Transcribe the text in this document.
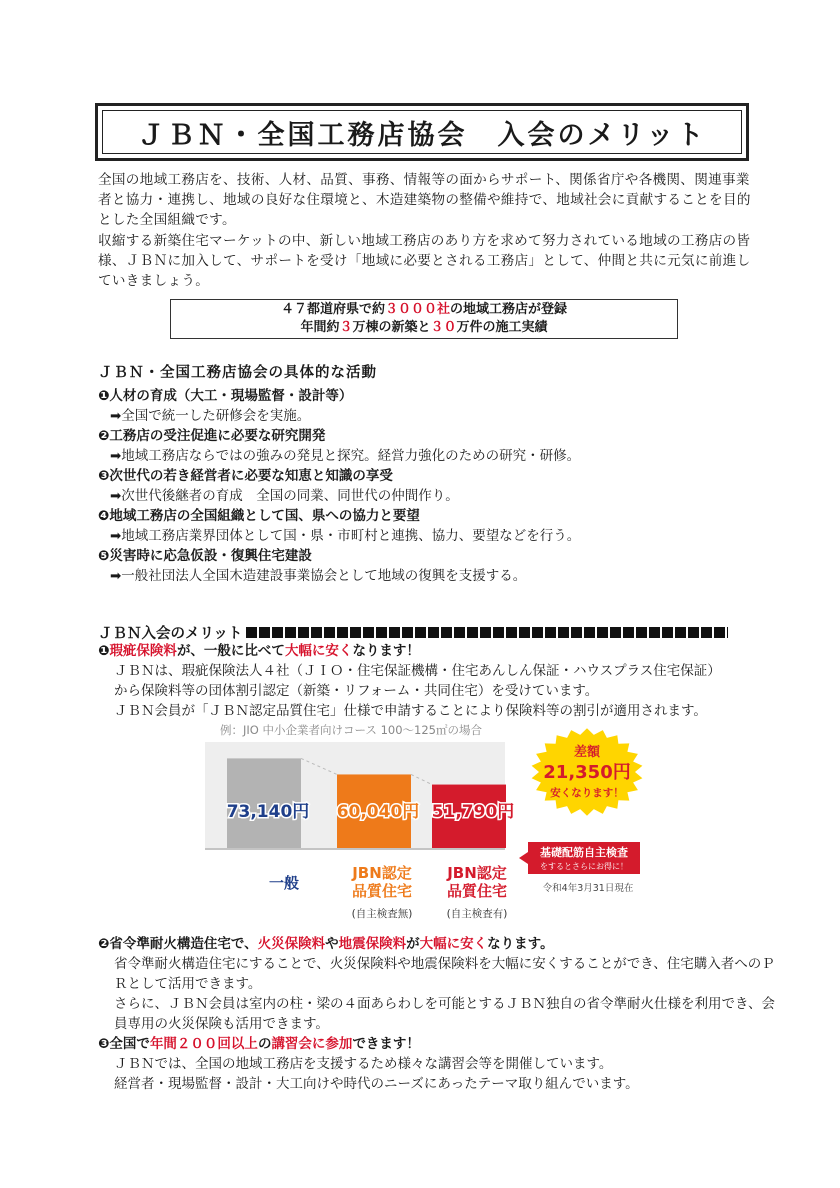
ＪＢＮ・全国工務店協会　入会のメリット

全国の地域工務店を、技術、人材、品質、事務、情報等の面からサポート、関係省庁や各機関、関連事業者と協力・連携し、地域の良好な住環境と、木造建築物の整備や維持で、地域社会に貢献することを目的とした全国組織です。

収縮する新築住宅マーケットの中、新しい地域工務店のあり方を求めて努力されている地域の工務店の皆様、ＪＢＮに加入して、サポートを受け「地域に必要とされる工務店」として、仲間と共に元気に前進していきましょう。

４７都道府県で約３０００社の地域工務店が登録
年間約３万棟の新築と３０万件の施工実績
ＪＢＮ・全国工務店協会の具体的な活動
❶人材の育成（大工・現場監督・設計等）
➡全国で統一した研修会を実施。
❷工務店の受注促進に必要な研究開発
➡地域工務店ならではの強みの発見と探究。経営力強化のための研究・研修。
❸次世代の若き経営者に必要な知恵と知識の享受
➡次世代後継者の育成　全国の同業、同世代の仲間作り。
❹地域工務店の全国組織として国、県への協力と要望
➡地域工務店業界団体として国・県・市町村と連携、協力、要望などを行う。
❺災害時に応急仮設・復興住宅建設
➡一般社団法人全国木造建設事業協会として地域の復興を支援する。
ＪＢＮ入会のメリット
❶瑕疵保険料が、一般に比べて大幅に安くなります！
ＪＢＮは、瑕疵保険法人４社（ＪＩＯ・住宅保証機構・住宅あんしん保証・ハウスプラス住宅保証）
から保険料等の団体割引認定（新築・リフォーム・共同住宅）を受けています。
ＪＢＮ会員が「ＪＢＮ認定品質住宅」仕様で申請することにより保険料等の割引が適用されます。
例：JIO 中小企業者向けコース 100～125㎡の場合
73,140円 60,040円 51,790円
一般
JBN認定
品質住宅
(自主検査無)
JBN認定
品質住宅
(自主検査有)
差額
21,350円
安くなります！
基礎配筋自主検査
をするとさらにお得に！
令和4年3月31日現在
❷省令準耐火構造住宅で、火災保険料や地震保険料が大幅に安くなります。
省令準耐火構造住宅にすることで、火災保険料や地震保険料を大幅に安くすることができ、住宅購入者へのＰＲとして活用できます。
さらに、ＪＢＮ会員は室内の柱・梁の４面あらわしを可能とするＪＢＮ独自の省令準耐火仕様を利用でき、会員専用の火災保険も活用できます。
❸全国で年間２００回以上の講習会に参加できます！
ＪＢＮでは、全国の地域工務店を支援するため様々な講習会等を開催しています。
経営者・現場監督・設計・大工向けや時代のニーズにあったテーマ取り組んでいます。
